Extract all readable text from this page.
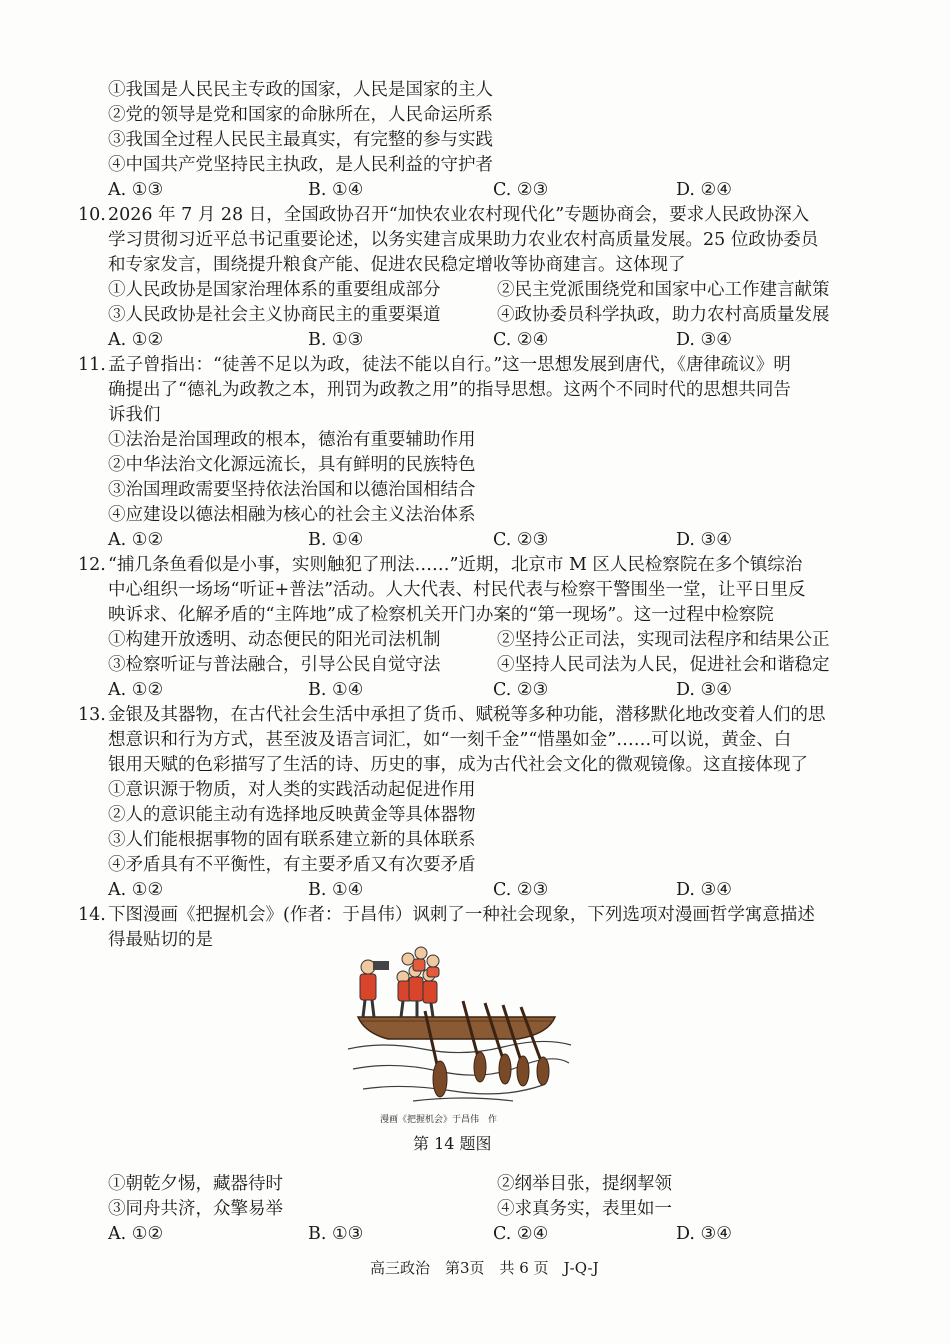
①我国是人民民主专政的国家，人民是国家的主人
②党的领导是党和国家的命脉所在，人民命运所系
③我国全过程人民民主最真实，有完整的参与实践
④中国共产党坚持民主执政，是人民利益的守护者
A. ①③	B. ①④	C. ②③	D. ②④
10. 2026 年 7 月 28 日，全国政协召开“加快农业农村现代化”专题协商会，要求人民政协深入
学习贯彻习近平总书记重要论述，以务实建言成果助力农业农村高质量发展。25 位政协委员
和专家发言，围绕提升粮食产能、促进农民稳定增收等协商建言。这体现了
①人民政协是国家治理体系的重要组成部分	②民主党派围绕党和国家中心工作建言献策
③人民政协是社会主义协商民主的重要渠道	④政协委员科学执政，助力农村高质量发展
A. ①②	B. ①③	C. ②④	D. ③④
11. 孟子曾指出：“徒善不足以为政，徒法不能以自行。”这一思想发展到唐代，《唐律疏议》明
确提出了“德礼为政教之本，刑罚为政教之用”的指导思想。这两个不同时代的思想共同告
诉我们
①法治是治国理政的根本，德治有重要辅助作用
②中华法治文化源远流长，具有鲜明的民族特色
③治国理政需要坚持依法治国和以德治国相结合
④应建设以德法相融为核心的社会主义法治体系
A. ①②	B. ①④	C. ②③	D. ③④
12. “捕几条鱼看似是小事，实则触犯了刑法……”近期，北京市 M 区人民检察院在多个镇综治
中心组织一场场“听证+普法”活动。人大代表、村民代表与检察干警围坐一堂，让平日里反
映诉求、化解矛盾的“主阵地”成了检察机关开门办案的“第一现场”。这一过程中检察院
①构建开放透明、动态便民的阳光司法机制	②坚持公正司法，实现司法程序和结果公正
③检察听证与普法融合，引导公民自觉守法	④坚持人民司法为人民，促进社会和谐稳定
A. ①②	B. ①④	C. ②③	D. ③④
13. 金银及其器物，在古代社会生活中承担了货币、赋税等多种功能，潜移默化地改变着人们的思
想意识和行为方式，甚至波及语言词汇，如“一刻千金”“惜墨如金”……可以说，黄金、白
银用天赋的色彩描写了生活的诗、历史的事，成为古代社会文化的微观镜像。这直接体现了
①意识源于物质，对人类的实践活动起促进作用
②人的意识能主动有选择地反映黄金等具体器物
③人们能根据事物的固有联系建立新的具体联系
④矛盾具有不平衡性，有主要矛盾又有次要矛盾
A. ①②	B. ①④	C. ②③	D. ③④
14. 下图漫画《把握机会》(作者：于昌伟）讽刺了一种社会现象，下列选项对漫画哲学寓意描述
得最贴切的是
漫画《把握机会》于昌伟　作
第 14 题图
①朝乾夕惕，藏器待时	②纲举目张，提纲挈领
③同舟共济，众擎易举	④求真务实，表里如一
A. ①②	B. ①③	C. ②④	D. ③④
高三政治　第3页　共 6 页　J-Q-J
